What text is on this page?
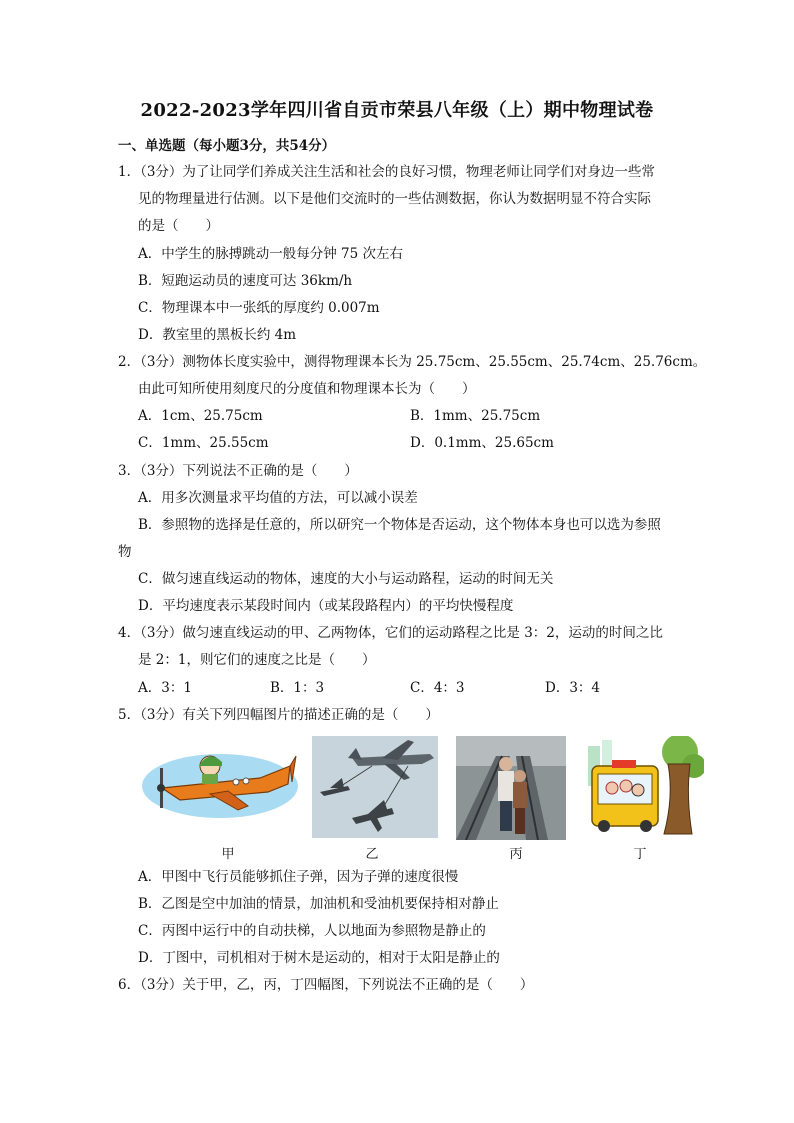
2022-2023学年四川省自贡市荣县八年级（上）期中物理试卷
一、单选题（每小题3分，共54分）
1．（3分）为了让同学们养成关注生活和社会的良好习惯，物理老师让同学们对身边一些常
见的物理量进行估测。以下是他们交流时的一些估测数据，你认为数据明显不符合实际
的是（　　）
A．中学生的脉搏跳动一般每分钟 75 次左右
B．短跑运动员的速度可达 36km/h
C．物理课本中一张纸的厚度约 0.007m
D．教室里的黑板长约 4m
2．（3分）测物体长度实验中，测得物理课本长为 25.75cm、25.55cm、25.74cm、25.76cm。
由此可知所使用刻度尺的分度值和物理课本长为（　　）
A．1cm、25.75cm	B．1mm、25.75cm
C．1mm、25.55cm	D．0.1mm、25.65cm
3．（3分）下列说法不正确的是（　　）
A．用多次测量求平均值的方法，可以减小误差
B．参照物的选择是任意的，所以研究一个物体是否运动，这个物体本身也可以选为参照
物
C．做匀速直线运动的物体，速度的大小与运动路程，运动的时间无关
D．平均速度表示某段时间内（或某段路程内）的平均快慢程度
4．（3分）做匀速直线运动的甲、乙两物体，它们的运动路程之比是 3：2，运动的时间之比
是 2：1，则它们的速度之比是（　　）
A．3：1	B．1：3	C．4：3	D．3：4
5．（3分）有关下列四幅图片的描述正确的是（　　）
甲	乙	丙	丁
A．甲图中飞行员能够抓住子弹，因为子弹的速度很慢
B．乙图是空中加油的情景，加油机和受油机要保持相对静止
C．丙图中运行中的自动扶梯，人以地面为参照物是静止的
D．丁图中，司机相对于树木是运动的，相对于太阳是静止的
6．（3分）关于甲，乙，丙，丁四幅图，下列说法不正确的是（　　）
